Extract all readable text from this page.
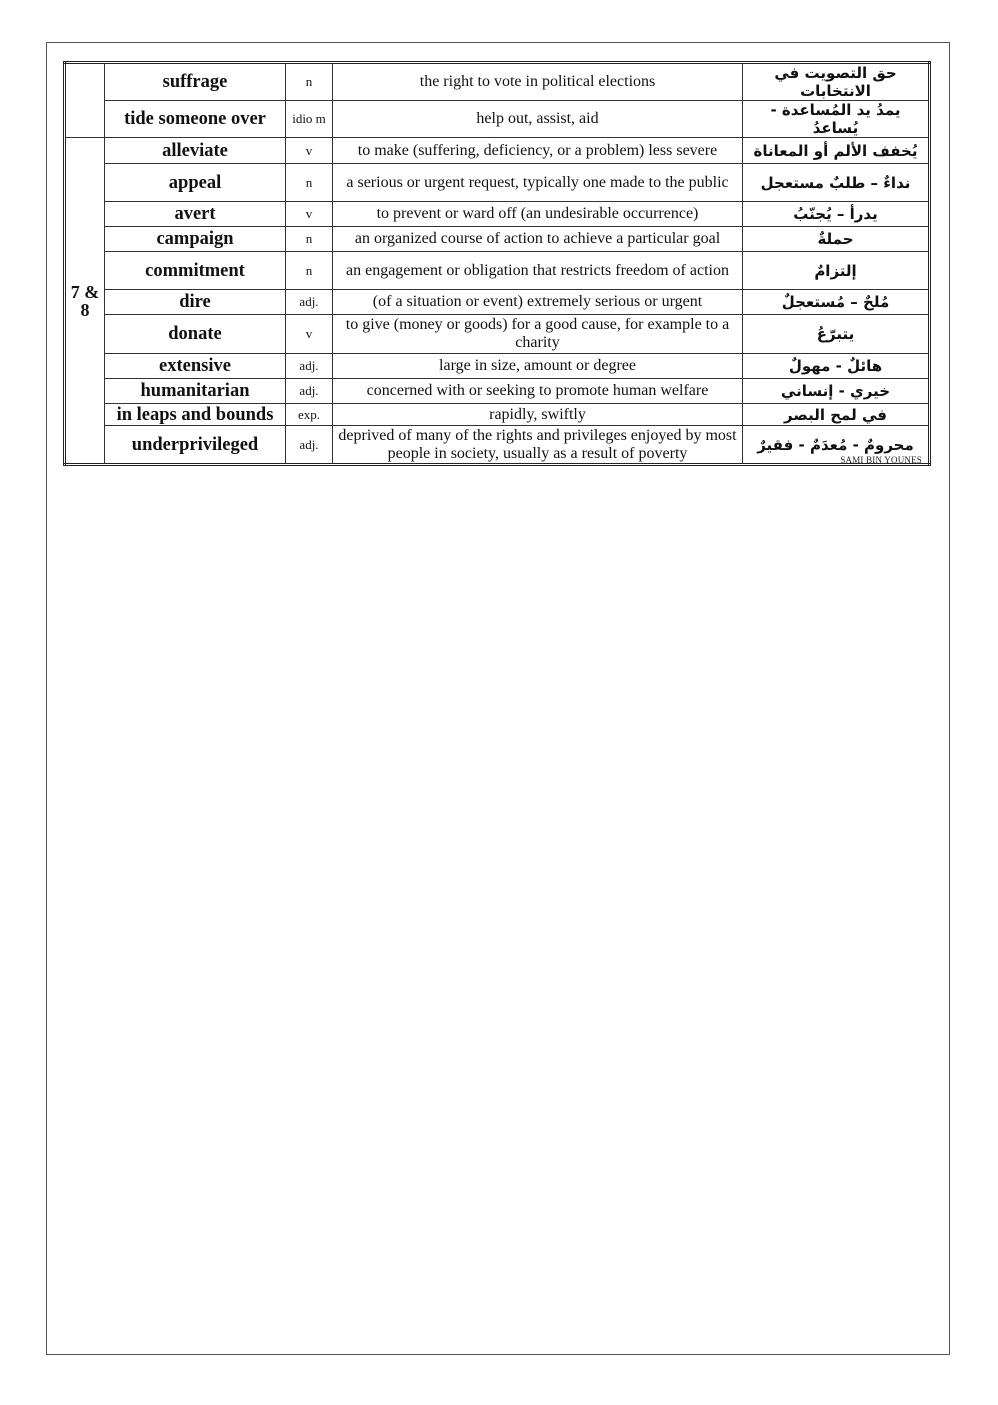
	suffrage	n	the right to vote in political elections	حق التصويت في الانتخابات
	tide someone over	idio m	help out, assist, aid	يمدُ يد المُساعدة - يُساعدُ
7 & 8	alleviate	v	to make (suffering, deficiency, or a problem) less severe	يُخفف الألم أو المعاناة
	appeal	n	a serious or urgent request, typically one made to the public	نداءٌ – طلبٌ مستعجل
	avert	v	to prevent or ward off (an undesirable occurrence)	يدرأ – يُجنّبُ
	campaign	n	an organized course of action to achieve a particular goal	حملةٌ
	commitment	n	an engagement or obligation that restricts freedom of action	إلتزامٌ
	dire	adj.	(of a situation or event) extremely serious or urgent	مُلحٌ – مُستعجلٌ
	donate	v	to give (money or goods) for a good cause, for example to a charity	يتبرّعُ
	extensive	adj.	large in size, amount or degree	هائلٌ - مهولٌ
	humanitarian	adj.	concerned with or seeking to promote human welfare	خيري - إنساني
	in leaps and bounds	exp.	rapidly, swiftly	في لمح البصر
	underprivileged	adj.	deprived of many of the rights and privileges enjoyed by most people in society, usually as a result of poverty	محرومٌ - مُعدَمٌ - فقيرٌ
SAMI BIN YOUNES
